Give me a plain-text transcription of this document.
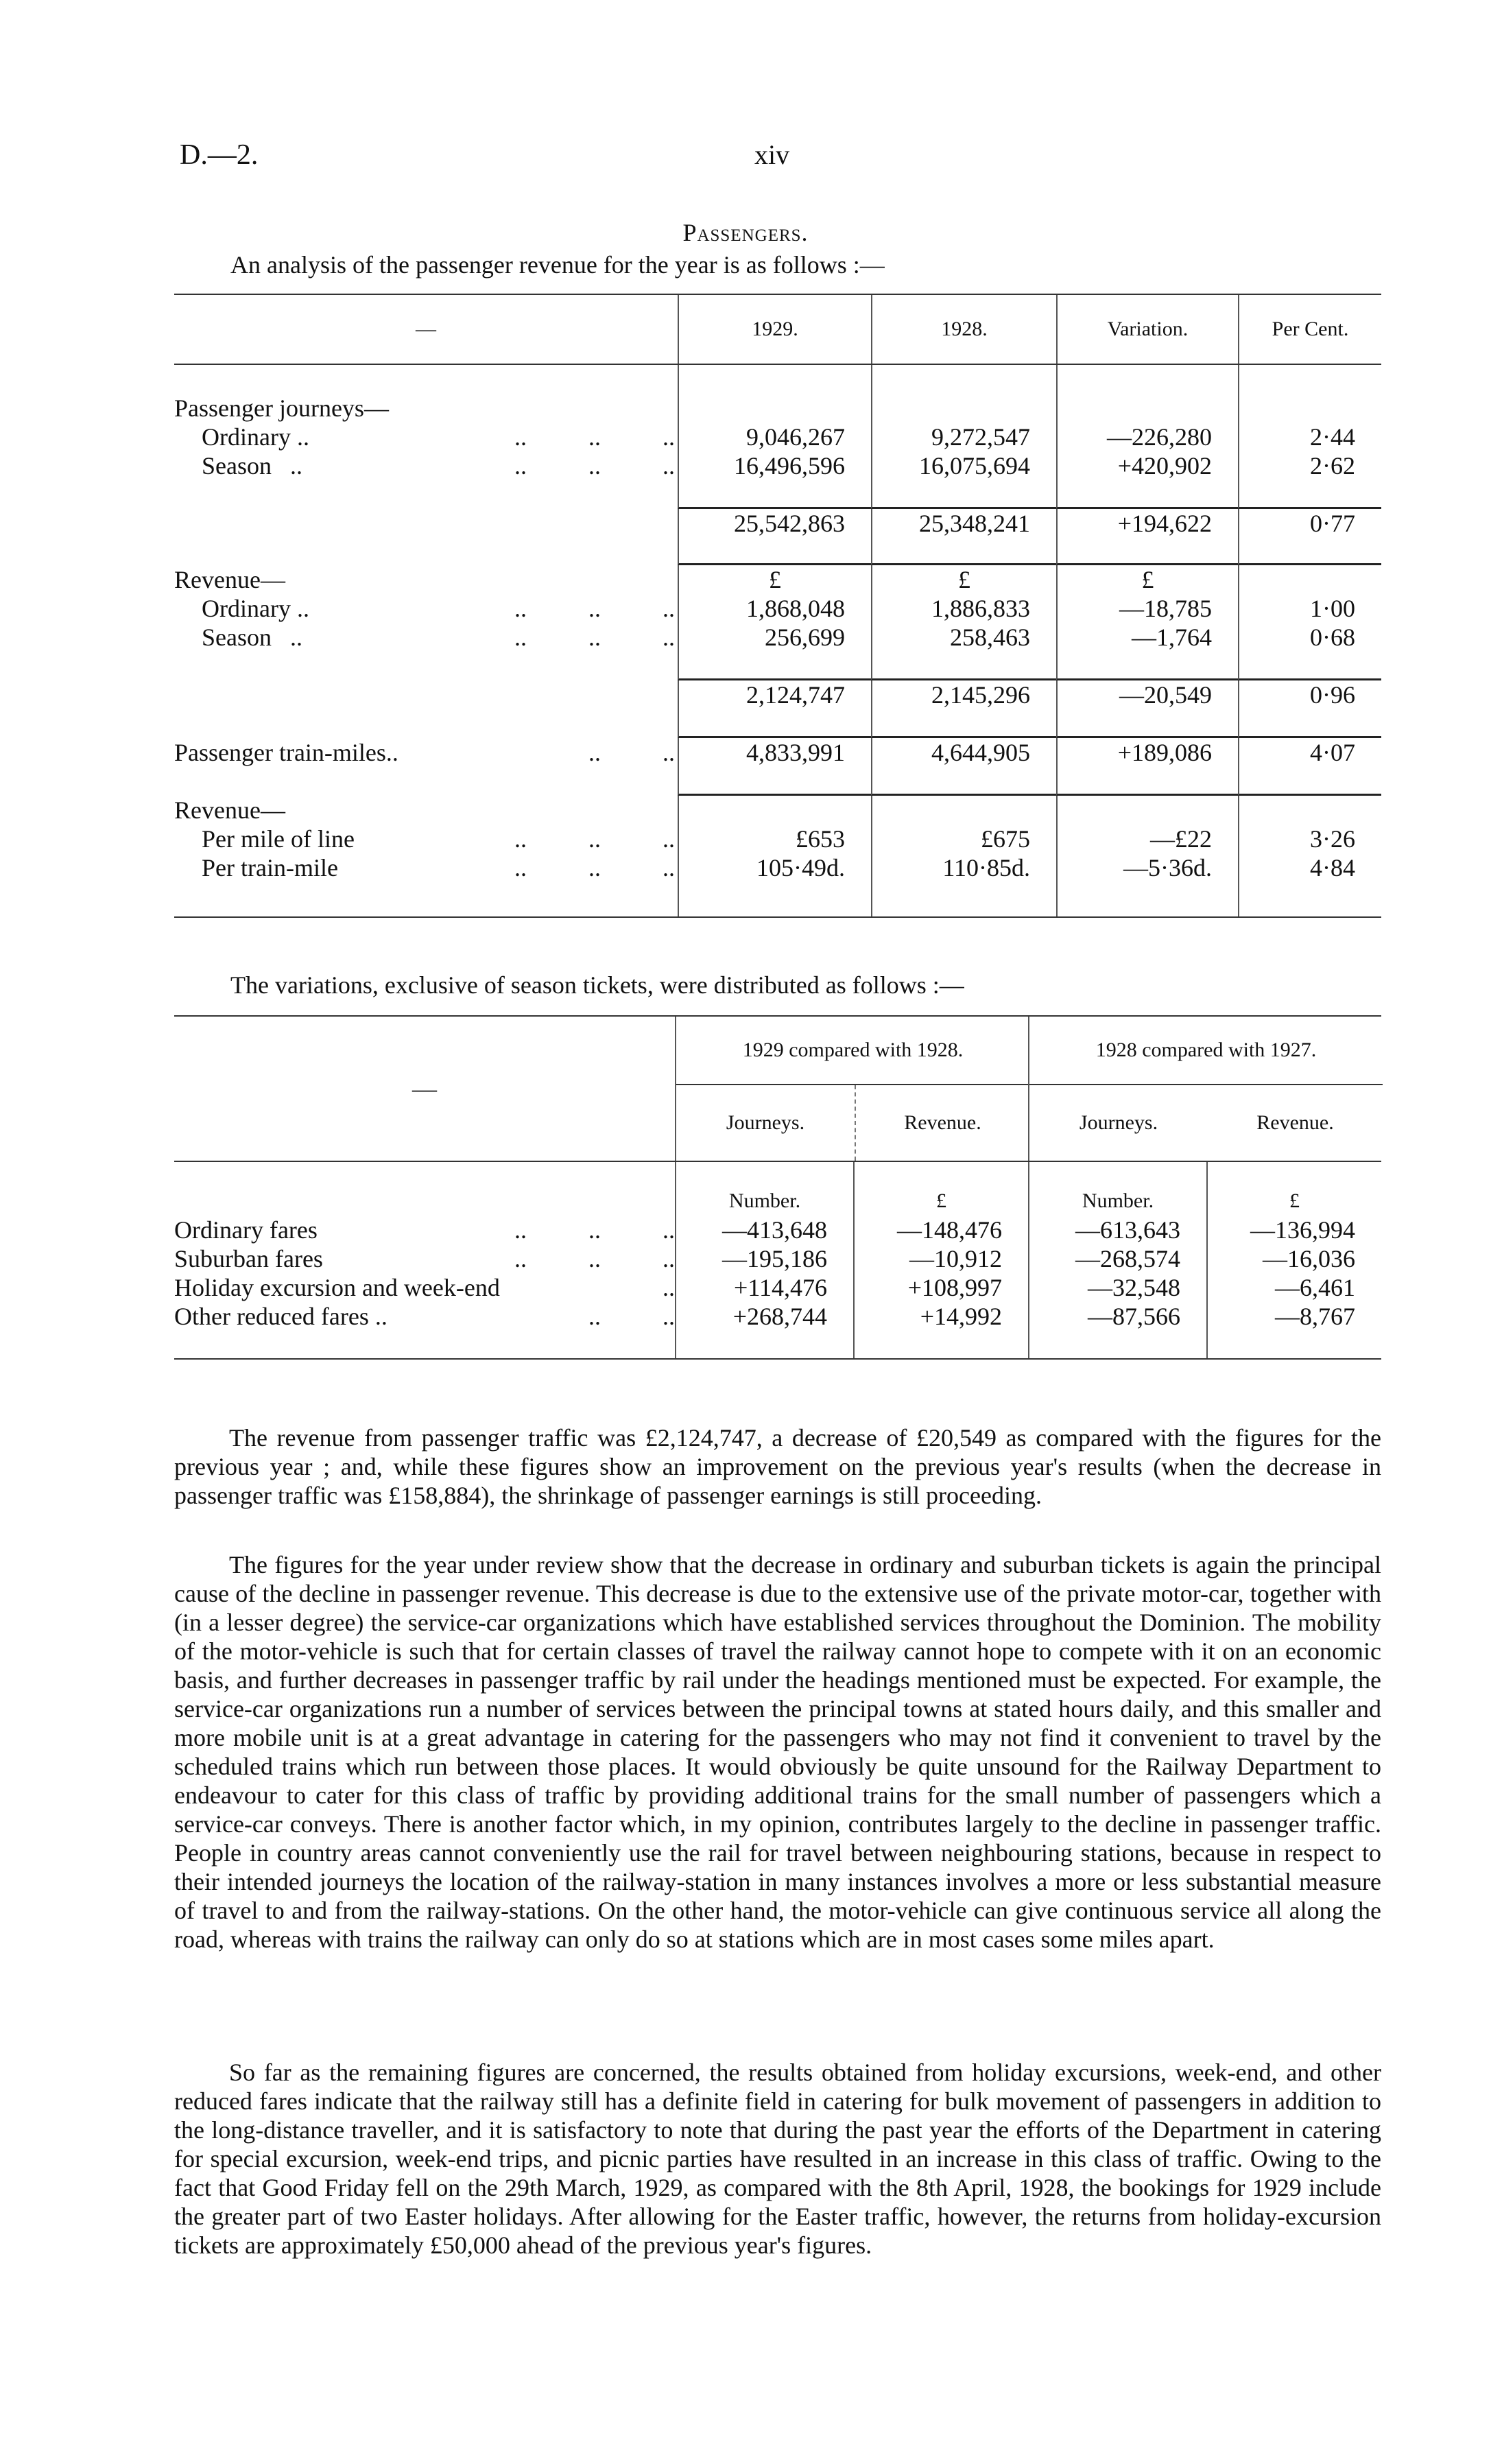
D.—2.	xiv
Passengers.
An analysis of the passenger revenue for the year is as follows :—
—	1929.	1928.	Variation.	Per Cent.
Passenger journeys—
Ordinary ..	..          ..          ..	9,046,267	9,272,547	—226,280	2·44
Season   ..	..          ..          ..	16,496,596	16,075,694	+420,902	2·62
25,542,863	25,348,241	+194,622	0·77
Revenue—	£	£	£
Ordinary ..	..          ..          ..	1,868,048	1,886,833	—18,785	1·00
Season   ..	..          ..          ..	256,699	258,463	—1,764	0·68
2,124,747	2,145,296	—20,549	0·96
Passenger train-miles..	..          ..	4,833,991	4,644,905	+189,086	4·07
Revenue—
Per mile of line	..          ..          ..	£653	£675	—£22	3·26
Per train-mile	..          ..          ..	105·49d.	110·85d.	—5·36d.	4·84
The variations, exclusive of season tickets, were distributed as follows :—
—
1929 compared with 1928.
Journeys.	Revenue.
1928 compared with 1927.
Journeys.	Revenue.
Number.	£	Number.	£
Ordinary fares	..          ..          ..	—413,648	—148,476	—613,643	—136,994
Suburban fares	..          ..          ..	—195,186	—10,912	—268,574	—16,036
Holiday excursion and week-end	..	+114,476	+108,997	—32,548	—6,461
Other reduced fares ..	..          ..	+268,744	+14,992	—87,566	—8,767
The revenue from passenger traffic was £2,124,747, a decrease of £20,549 as compared with the figures for the previous year ; and, while these figures show an improvement on the previous year's results (when the decrease in passenger traffic was £158,884), the shrinkage of passenger earnings is still proceeding.
The figures for the year under review show that the decrease in ordinary and suburban tickets is again the principal cause of the decline in passenger revenue. This decrease is due to the extensive use of the private motor-car, together with (in a lesser degree) the service-car organizations which have established services throughout the Dominion. The mobility of the motor-vehicle is such that for certain classes of travel the railway cannot hope to compete with it on an economic basis, and further decreases in passenger traffic by rail under the headings mentioned must be expected. For example, the service-car organizations run a number of services between the principal towns at stated hours daily, and this smaller and more mobile unit is at a great advantage in catering for the passengers who may not find it convenient to travel by the scheduled trains which run between those places. It would obviously be quite unsound for the Railway Department to endeavour to cater for this class of traffic by providing additional trains for the small number of passengers which a service-car conveys. There is another factor which, in my opinion, contributes largely to the decline in passenger traffic. People in country areas cannot conveniently use the rail for travel between neighbouring stations, because in respect to their intended journeys the location of the railway-station in many instances involves a more or less substantial measure of travel to and from the railway-stations. On the other hand, the motor-vehicle can give continuous service all along the road, whereas with trains the railway can only do so at stations which are in most cases some miles apart.
So far as the remaining figures are concerned, the results obtained from holiday excursions, week-end, and other reduced fares indicate that the railway still has a definite field in catering for bulk movement of passengers in addition to the long-distance traveller, and it is satisfactory to note that during the past year the efforts of the Department in catering for special excursion, week-end trips, and picnic parties have resulted in an increase in this class of traffic. Owing to the fact that Good Friday fell on the 29th March, 1929, as compared with the 8th April, 1928, the bookings for 1929 include the greater part of two Easter holidays. After allowing for the Easter traffic, however, the returns from holiday-excursion tickets are approximately £50,000 ahead of the previous year's figures.
